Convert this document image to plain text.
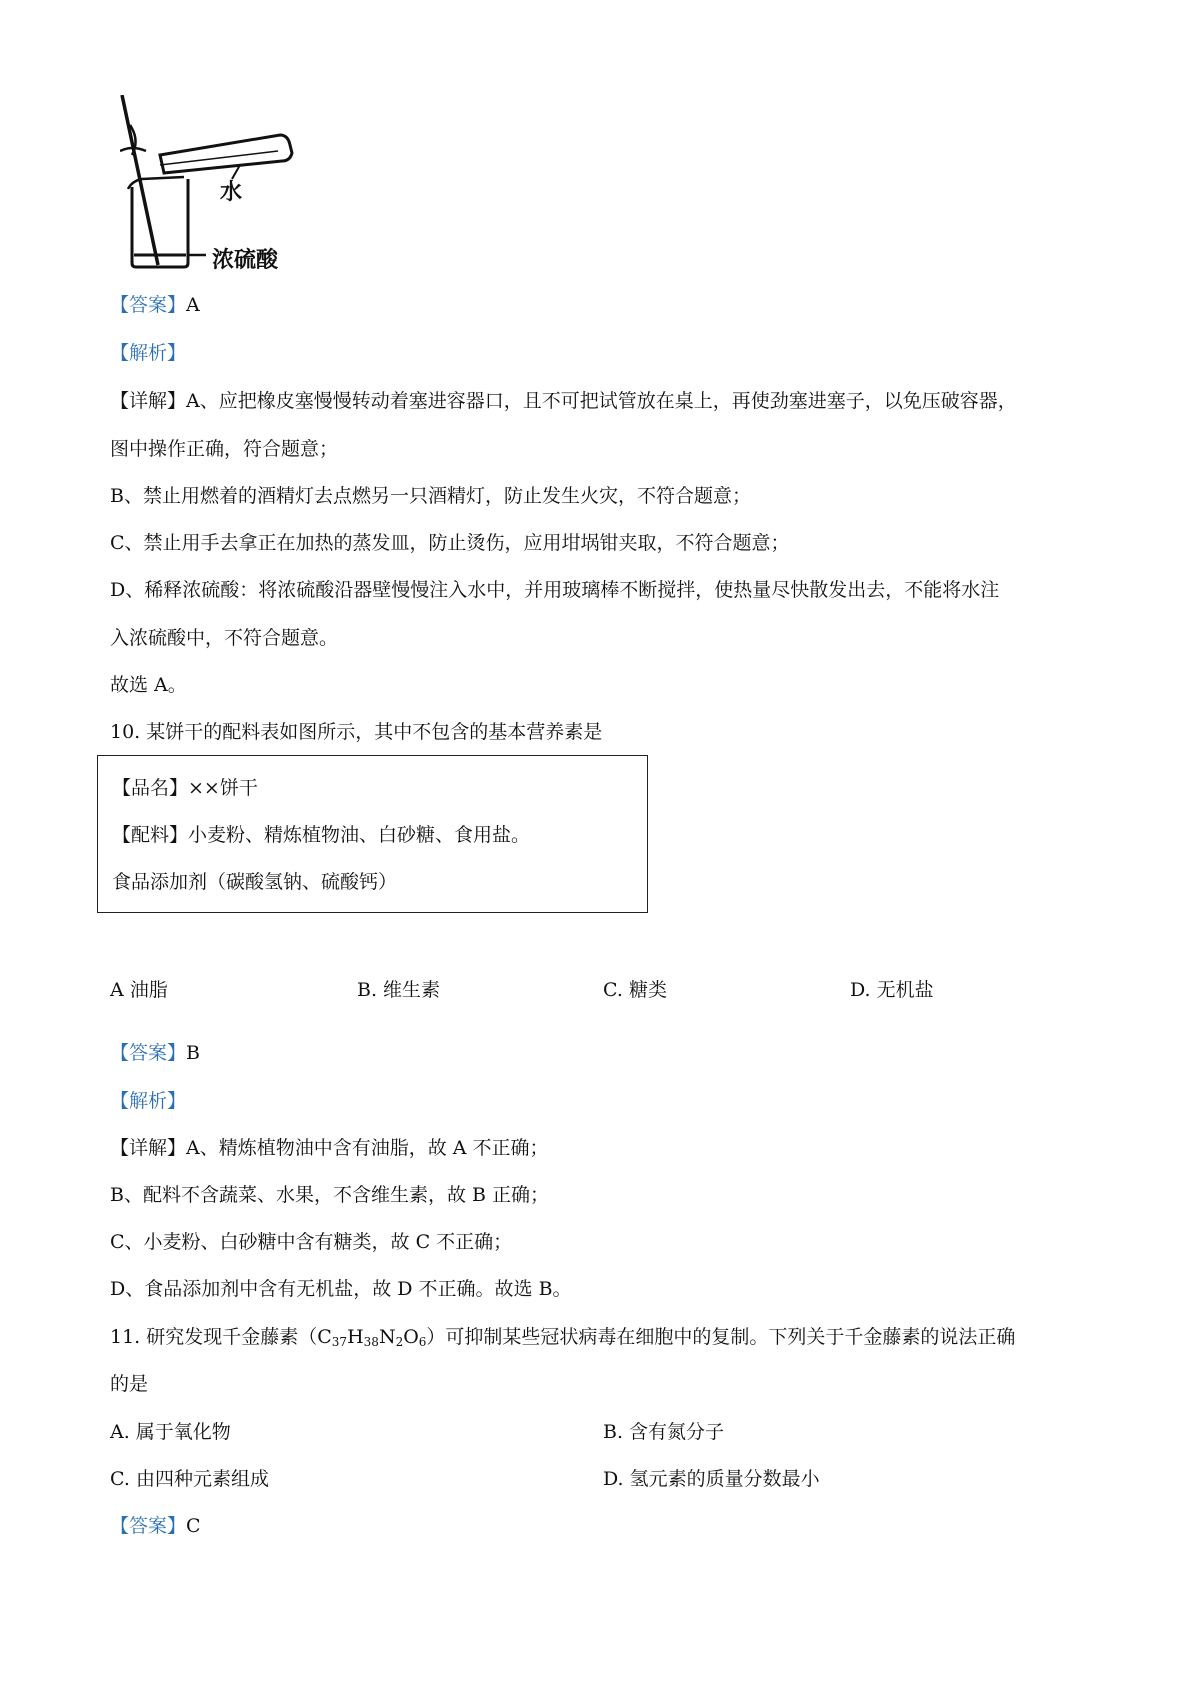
水
浓硫酸
【答案】A
【解析】
【详解】A、应把橡皮塞慢慢转动着塞进容器口，且不可把试管放在桌上，再使劲塞进塞子，以免压破容器，
图中操作正确，符合题意；
B、禁止用燃着的酒精灯去点燃另一只酒精灯，防止发生火灾，不符合题意；
C、禁止用手去拿正在加热的蒸发皿，防止烫伤，应用坩埚钳夹取，不符合题意；
D、稀释浓硫酸：将浓硫酸沿器壁慢慢注入水中，并用玻璃棒不断搅拌，使热量尽快散发出去，不能将水注
入浓硫酸中，不符合题意。
故选 A。
10. 某饼干的配料表如图所示，其中不包含的基本营养素是
【品名】××饼干
【配料】小麦粉、精炼植物油、白砂糖、食用盐。
食品添加剂（碳酸氢钠、硫酸钙）
A 油脂	B. 维生素	C. 糖类	D. 无机盐
【答案】B
【解析】
【详解】A、精炼植物油中含有油脂，故 A 不正确；
B、配料不含蔬菜、水果，不含维生素，故 B 正确；
C、小麦粉、白砂糖中含有糖类，故 C 不正确；
D、食品添加剂中含有无机盐，故 D 不正确。故选 B。
11. 研究发现千金藤素$(C_{37}H_{38}N_2O_6)$可抑制某些冠状病毒在细胞中的复制。下列关于千金藤素的说法正确
的是
A. 属于氧化物	B. 含有氮分子
C. 由四种元素组成	D. 氢元素的质量分数最小
【答案】C
